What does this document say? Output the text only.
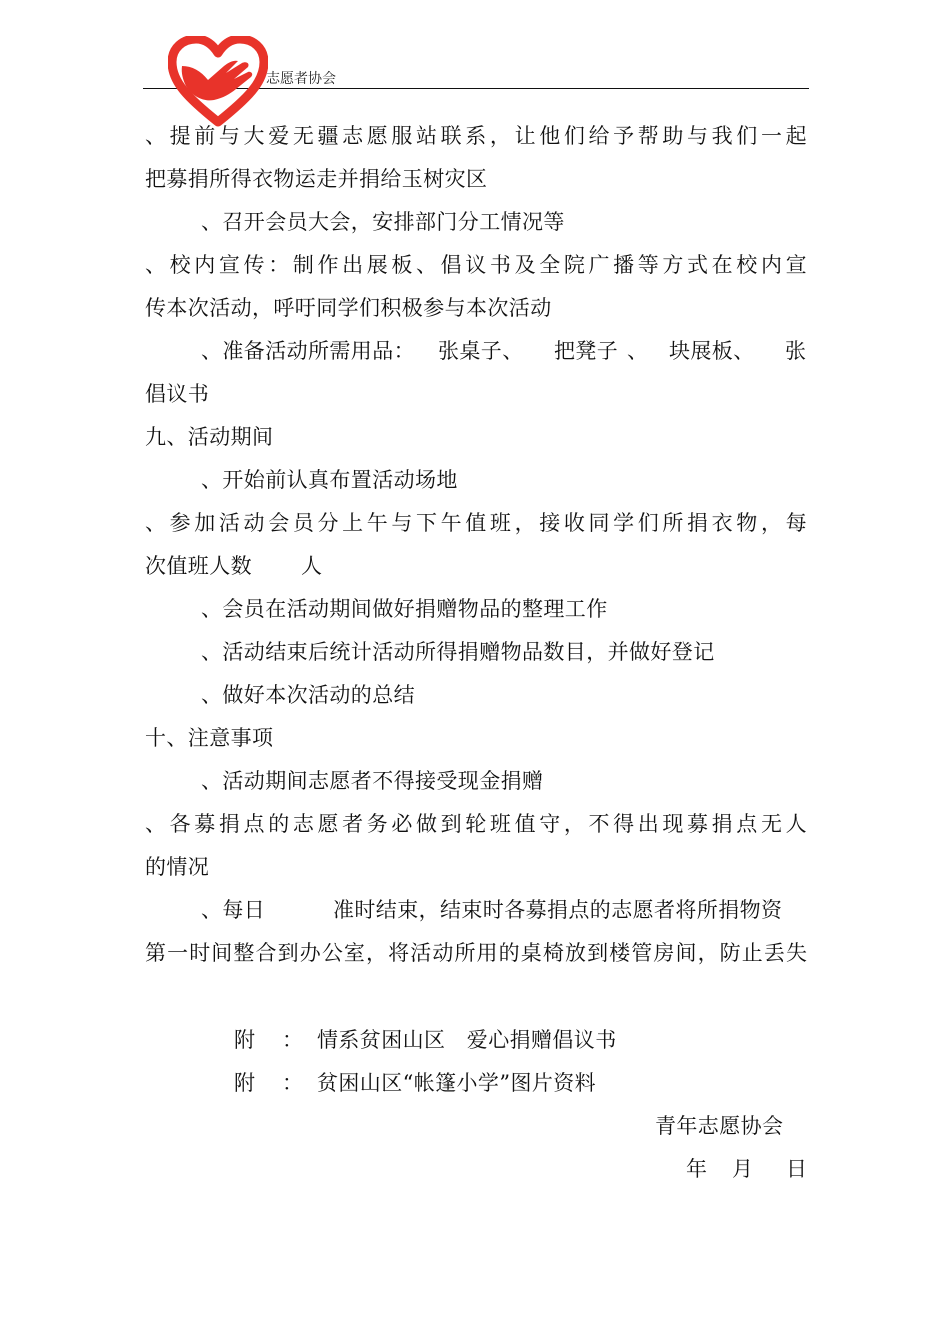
志愿者协会
、提前与大爱无疆志愿服站联系，让他们给予帮助与我们一起
把募捐所得衣物运走并捐给玉树灾区
、召开会员大会，安排部门分工情况等
、校内宣传：制作出展板、倡议书及全院广播等方式在校内宣
传本次活动，呼吁同学们积极参与本次活动
、准备活动所需用品： 张桌子、 把凳子 、 块展板、 张
倡议书
九、活动期间
、开始前认真布置活动场地
、参加活动会员分上午与下午值班，接收同学们所捐衣物，每
次值班人数 人
、会员在活动期间做好捐赠物品的整理工作
、活动结束后统计活动所得捐赠物品数目，并做好登记
、做好本次活动的总结
十、注意事项
、活动期间志愿者不得接受现金捐赠
、各募捐点的志愿者务必做到轮班值守，不得出现募捐点无人
的情况
、每日	准时结束，结束时各募捐点的志愿者将所捐物资
第一时间整合到办公室，将活动所用的桌椅放到楼管房间，防止丢失
附 ： 情系贫困山区　爱心捐赠倡议书
附 ： 贫困山区“帐篷小学”图片资料
青年志愿协会
年 月 日
